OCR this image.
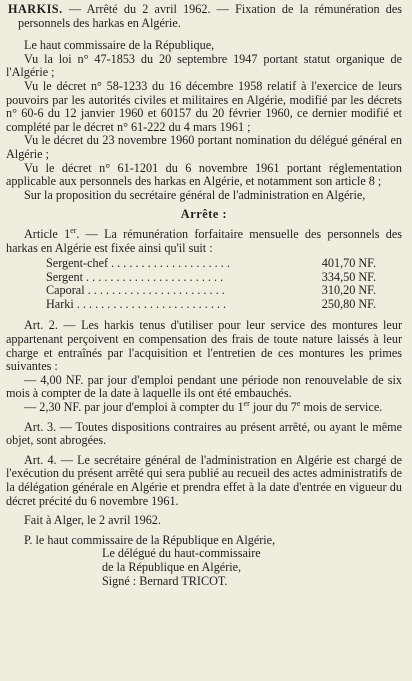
HARKIS. — Arrêté du 2 avril 1962. — Fixation de la rémunération des personnels des harkas en Algérie.

Le haut commissaire de la République,

Vu la loi n° 47-1853 du 20 septembre 1947 portant statut organique de l'Algérie ;

Vu le décret n° 58-1233 du 16 décembre 1958 relatif à l'exercice de leurs pouvoirs par les autorités civiles et militaires en Algérie, modifié par les décrets n° 60-6 du 12 janvier 1960 et 60157 du 20 février 1960, ce dernier modifié et complété par le décret n° 61-222 du 4 mars 1961 ;

Vu le décret du 23 novembre 1960 portant nomination du délégué général en Algérie ;

Vu le décret n° 61-1201 du 6 novembre 1961 portant réglementation applicable aux personnels des harkas en Algérie, et notamment son article 8 ;

Sur la proposition du secrétaire général de l'administration en Algérie,

Arrête :

Article 1er. — La rémunération forfaitaire mensuelle des personnels des harkas en Algérie est fixée ainsi qu'il suit :

Sergent-chef . . . . . . . . . . . . . . . . . . . .	401,70 NF.
Sergent . . . . . . . . . . . . . . . . . . . . . . .	334,50 NF.
Caporal . . . . . . . . . . . . . . . . . . . . . . .	310,20 NF.
Harki . . . . . . . . . . . . . . . . . . . . . . . . .	250,80 NF.

Art. 2. — Les harkis tenus d'utiliser pour leur service des montures leur appartenant perçoivent en compensation des frais de toute nature laissés à leur charge et entraînés par l'acquisition et l'entretien de ces montures les primes suivantes :

— 4,00 NF. par jour d'emploi pendant une période non renouvelable de six mois à compter de la date à laquelle ils ont été embauchés.

— 2,30 NF. par jour d'emploi à compter du 1er jour du 7e mois de service.

Art. 3. — Toutes dispositions contraires au présent arrêté, ou ayant le même objet, sont abrogées.

Art. 4. — Le secrétaire général de l'administration en Algérie est chargé de l'exécution du présent arrêté qui sera publié au recueil des actes administratifs de la délégation générale en Algérie et prendra effet à la date d'entrée en vigueur du décret précité du 6 novembre 1961.

Fait à Alger, le 2 avril 1962.

P. le haut commissaire de la République en Algérie,

Le délégué du haut-commissaire

de la République en Algérie,

Signé : Bernard TRICOT.
